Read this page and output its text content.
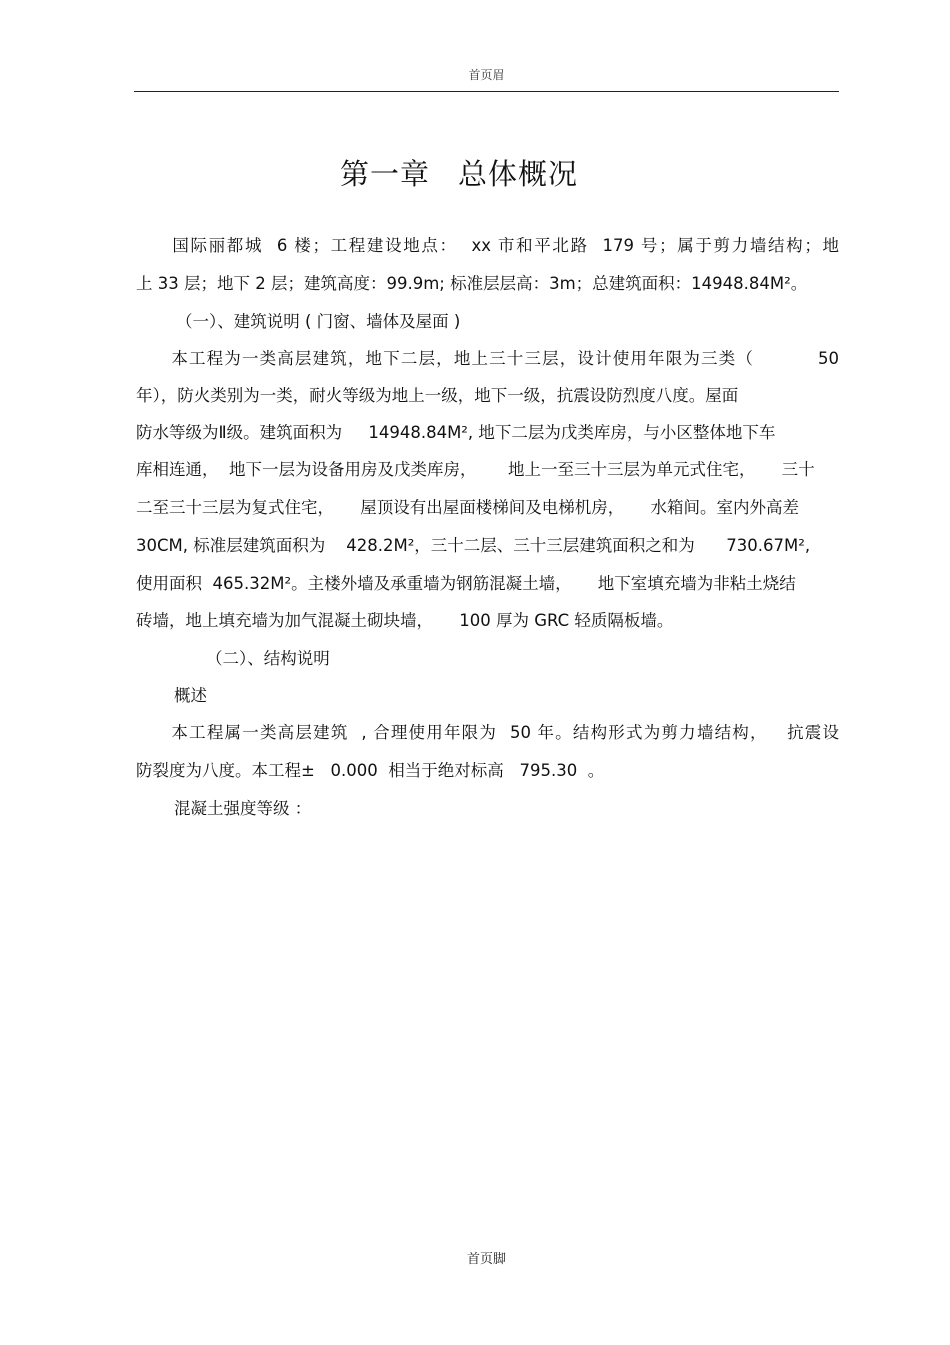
首页眉
第一章 总体概况
　　国际丽都城  6 楼；工程建设地点：  xx 市和平北路  179 号；属于剪力墙结构；地
上 33 层；地下 2 层；建筑高度：99.9m; 标准层层高：3m；总建筑面积：14948.84M²。
（一）、建筑说明 ( 门窗、墙体及屋面 )
　　本工程为一类高层建筑，地下二层，地上三十三层，设计使用年限为三类（          50
年），防火类别为一类，耐火等级为地上一级，地下一级，抗震设防烈度八度。屋面
防水等级为Ⅱ级。建筑面积为     14948.84M², 地下二层为戊类库房，与小区整体地下车
库相连通，  地下一层为设备用房及戊类库房，      地上一至三十三层为单元式住宅，     三十
二至三十三层为复式住宅，     屋顶设有出屋面楼梯间及电梯机房，     水箱间。室内外高差
30CM, 标准层建筑面积为    428.2M²，三十二层、三十三层建筑面积之和为      730.67M²,
使用面积  465.32M²。主楼外墙及承重墙为钢筋混凝土墙，     地下室填充墙为非粘土烧结
砖墙，地上填充墙为加气混凝土砌块墙，     100 厚为 GRC 轻质隔板墙。
（二）、结构说明
概述
　　本工程属一类高层建筑  , 合理使用年限为  50 年。结构形式为剪力墙结构，   抗震设
防裂度为八度。本工程±   0.000  相当于绝对标高   795.30  。
混凝土强度等级 ：
首页脚
